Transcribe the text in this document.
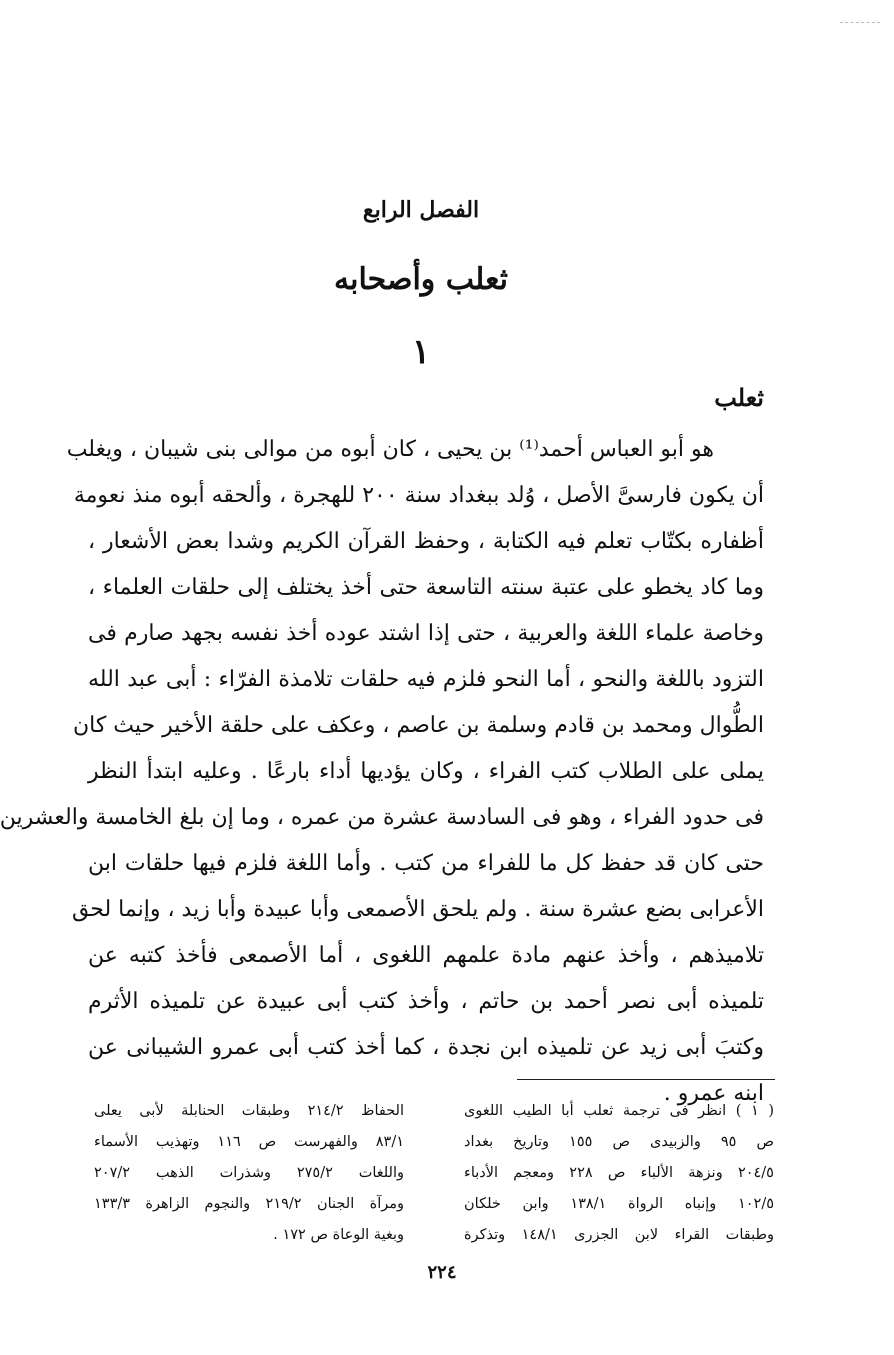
الفصل الرابع
ثعلب وأصحابه
١
ثعلب
هو أبو العباس أحمد⁽¹⁾ بن يحيى ، كان أبوه من موالى بنى شيبان ، ويغلب
أن يكون فارسىَّ الأصل ، وُلد ببغداد سنة ٢٠٠ للهجرة ، وألحقه أبوه منذ نعومة
أظفاره بكتّاب تعلم فيه الكتابة ، وحفظ القرآن الكريم وشدا بعض الأشعار ،
وما كاد يخطو على عتبة سنته التاسعة حتى أخذ يختلف إلى حلقات العلماء ،
وخاصة علماء اللغة والعربية ، حتى إذا اشتد عوده أخذ نفسه بجهد صارم فى
التزود باللغة والنحو ، أما النحو فلزم فيه حلقات تلامذة الفرّاء : أبى عبد الله
الطُّوال ومحمد بن قادم وسلمة بن عاصم ، وعكف على حلقة الأخير حيث كان
يملى على الطلاب كتب الفراء ، وكان يؤديها أداء بارعًا . وعليه ابتدأ النظر
فى حدود الفراء ، وهو فى السادسة عشرة من عمره ، وما إن بلغ الخامسة والعشرين
حتى كان قد حفظ كل ما للفراء من كتب . وأما اللغة فلزم فيها حلقات ابن
الأعرابى بضع عشرة سنة . ولم يلحق الأصمعى وأبا عبيدة وأبا زيد ، وإنما لحق
تلاميذهم ، وأخذ عنهم مادة علمهم اللغوى ، أما الأصمعى فأخذ كتبه عن
تلميذه أبى نصر أحمد بن حاتم ، وأخذ كتب أبى عبيدة عن تلميذه الأثرم
وكتبَ أبى زيد عن تلميذه ابن نجدة ، كما أخذ كتب أبى عمرو الشيبانى عن
ابنه عمرو .
( ١ ) انظر فى ترجمة ثعلب أبا الطيب اللغوى
ص ٩٥ والزبيدى ص ١٥٥ وتاريخ بغداد
٢٠٤/٥ ونزهة الألباء ص ٢٢٨ ومعجم الأدباء
١٠٢/٥ وإنباه الرواة ١٣٨/١ وابن خلكان
وطبقات القراء لابن الجزرى ١٤٨/١ وتذكرة
الحفاظ ٢١٤/٢ وطبقات الحنابلة لأبى يعلى
٨٣/١ والفهرست ص ١١٦ وتهذيب الأسماء
واللغات ٢٧٥/٢ وشذرات الذهب ٢٠٧/٢
ومرآة الجنان ٢١٩/٢ والنجوم الزاهرة ١٣٣/٣
وبغية الوعاة ص ١٧٢ .
٢٢٤
